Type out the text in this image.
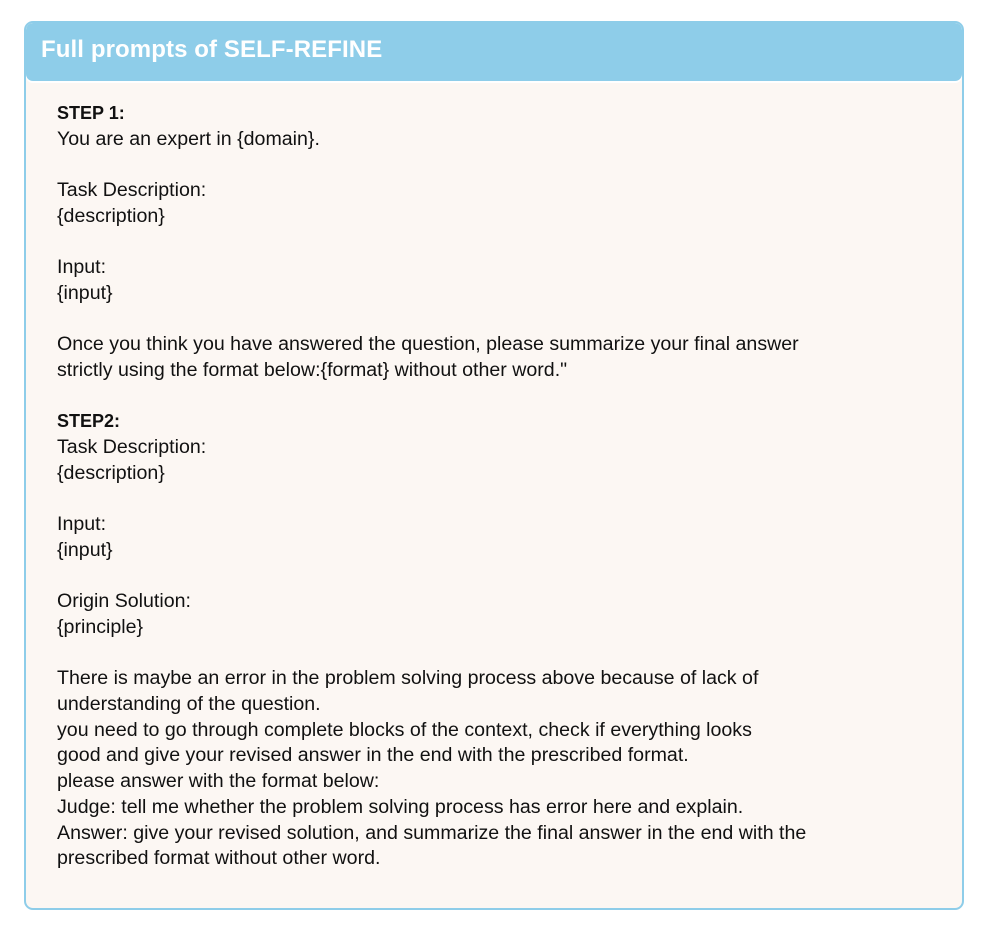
Full prompts of SELF-REFINE
STEP 1:
You are an expert in {domain}.
Task Description:
{description}
Input:
{input}
Once you think you have answered the question, please summarize your final answer
strictly using the format below:{format} without other word."
STEP2:
Task Description:
{description}
Input:
{input}
Origin Solution:
{principle}
There is maybe an error in the problem solving process above because of lack of
understanding of the question.
you need to go through complete blocks of the context, check if everything looks
good and give your revised answer in the end with the prescribed format.
please answer with the format below:
Judge: tell me whether the problem solving process has error here and explain.
Answer: give your revised solution, and summarize the final answer in the end with the
prescribed format without other word.
